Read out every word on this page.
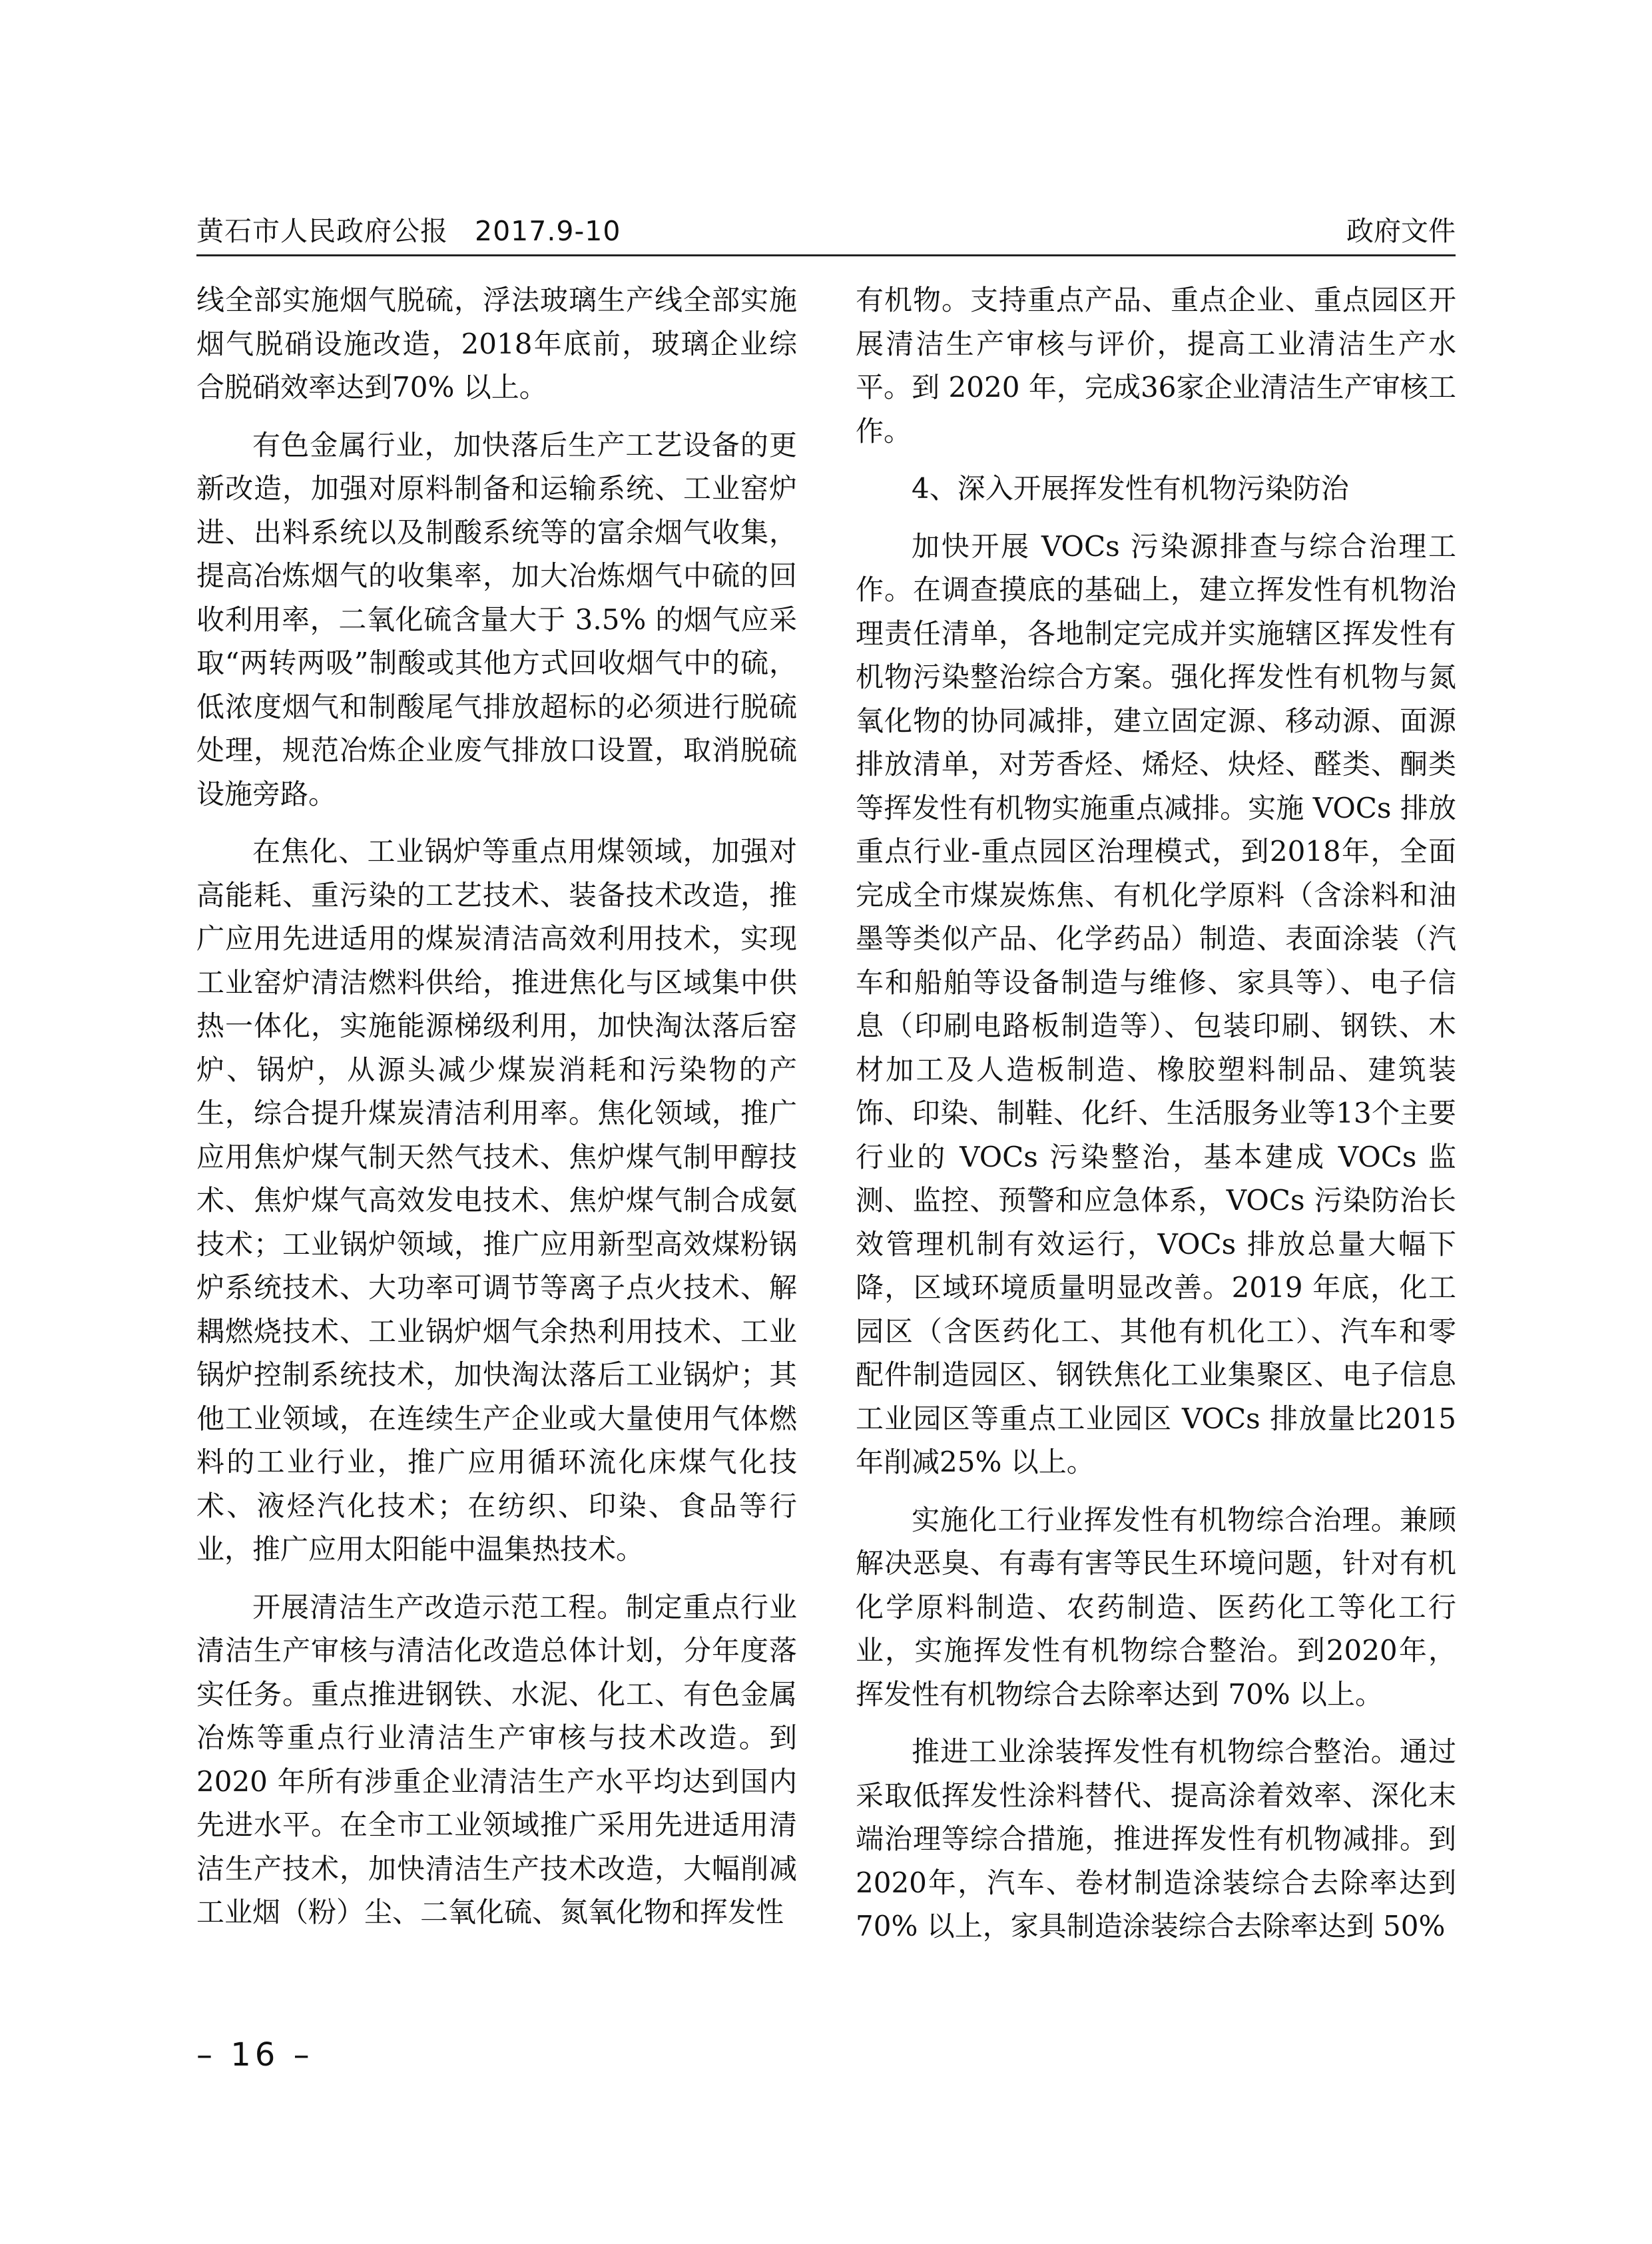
黄石市人民政府公报 2017.9-10	政府文件

线全部实施烟气脱硫，浮法玻璃生产线全部实施烟气脱硝设施改造，2018年底前，玻璃企业综合脱硝效率达到70% 以上。

有色金属行业，加快落后生产工艺设备的更新改造，加强对原料制备和运输系统、工业窑炉进、出料系统以及制酸系统等的富余烟气收集，提高冶炼烟气的收集率，加大冶炼烟气中硫的回收利用率，二氧化硫含量大于 3.5% 的烟气应采取“两转两吸”制酸或其他方式回收烟气中的硫，低浓度烟气和制酸尾气排放超标的必须进行脱硫处理，规范冶炼企业废气排放口设置，取消脱硫设施旁路。

在焦化、工业锅炉等重点用煤领域，加强对高能耗、重污染的工艺技术、装备技术改造，推广应用先进适用的煤炭清洁高效利用技术，实现工业窑炉清洁燃料供给，推进焦化与区域集中供热一体化，实施能源梯级利用，加快淘汰落后窑炉、锅炉，从源头减少煤炭消耗和污染物的产生，综合提升煤炭清洁利用率。焦化领域，推广应用焦炉煤气制天然气技术、焦炉煤气制甲醇技术、焦炉煤气高效发电技术、焦炉煤气制合成氨技术；工业锅炉领域，推广应用新型高效煤粉锅炉系统技术、大功率可调节等离子点火技术、解耦燃烧技术、工业锅炉烟气余热利用技术、工业锅炉控制系统技术，加快淘汰落后工业锅炉；其他工业领域，在连续生产企业或大量使用气体燃料的工业行业，推广应用循环流化床煤气化技术、液烃汽化技术；在纺织、印染、食品等行业，推广应用太阳能中温集热技术。

开展清洁生产改造示范工程。制定重点行业清洁生产审核与清洁化改造总体计划，分年度落实任务。重点推进钢铁、水泥、化工、有色金属冶炼等重点行业清洁生产审核与技术改造。到 2020 年所有涉重企业清洁生产水平均达到国内先进水平。在全市工业领域推广采用先进适用清洁生产技术，加快清洁生产技术改造，大幅削减工业烟（粉）尘、二氧化硫、氮氧化物和挥发性

有机物。支持重点产品、重点企业、重点园区开展清洁生产审核与评价，提高工业清洁生产水平。到 2020 年，完成36家企业清洁生产审核工作。

4、深入开展挥发性有机物污染防治

加快开展 VOCs 污染源排查与综合治理工作。在调查摸底的基础上，建立挥发性有机物治理责任清单，各地制定完成并实施辖区挥发性有机物污染整治综合方案。强化挥发性有机物与氮氧化物的协同减排，建立固定源、移动源、面源排放清单，对芳香烃、烯烃、炔烃、醛类、酮类等挥发性有机物实施重点减排。实施 VOCs 排放重点行业-重点园区治理模式，到2018年，全面完成全市煤炭炼焦、有机化学原料（含涂料和油墨等类似产品、化学药品）制造、表面涂装（汽车和船舶等设备制造与维修、家具等）、电子信息（印刷电路板制造等）、包装印刷、钢铁、木材加工及人造板制造、橡胶塑料制品、建筑装饰、印染、制鞋、化纤、生活服务业等13个主要行业的 VOCs 污染整治，基本建成 VOCs 监测、监控、预警和应急体系，VOCs 污染防治长效管理机制有效运行，VOCs 排放总量大幅下降，区域环境质量明显改善。2019 年底，化工园区（含医药化工、其他有机化工）、汽车和零配件制造园区、钢铁焦化工业集聚区、电子信息工业园区等重点工业园区 VOCs 排放量比2015 年削减25% 以上。

实施化工行业挥发性有机物综合治理。兼顾解决恶臭、有毒有害等民生环境问题，针对有机化学原料制造、农药制造、医药化工等化工行业，实施挥发性有机物综合整治。到2020年，挥发性有机物综合去除率达到 70% 以上。

推进工业涂装挥发性有机物综合整治。通过采取低挥发性涂料替代、提高涂着效率、深化末端治理等综合措施，推进挥发性有机物减排。到2020年，汽车、卷材制造涂装综合去除率达到70% 以上，家具制造涂装综合去除率达到 50%

– 16 –
